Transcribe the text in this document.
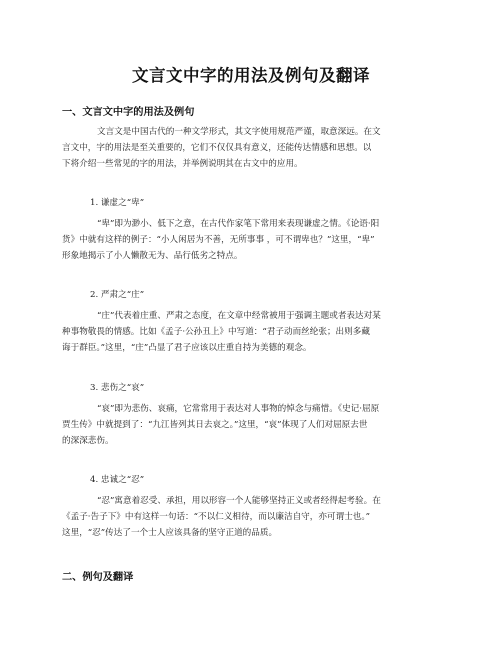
文言文中字的用法及例句及翻译
一、文言文中字的用法及例句
文言文是中国古代的一种文学形式，其文字使用规范严谨，取意深远。在文
言文中，字的用法是至关重要的，它们不仅仅具有意义，还能传达情感和思想。以
下将介绍一些常见的字的用法，并举例说明其在古文中的应用。
1. 谦虚之“卑”
“卑”即为渺小、低下之意，在古代作家笔下常用来表现谦虚之情。《论语·阳
货》中就有这样的例子：“小人闲居为不善，无所事事 ，可不谓卑也？”这里，“卑”
形象地揭示了小人懒散无为、品行低劣之特点。
2. 严肃之“庄”
“庄”代表着庄重、严肃之态度，在文章中经常被用于强调主题或者表达对某
种事物敬畏的情感。比如《孟子·公孙丑上》中写道：“君子动而丝纶张；出则多藏
诲于群臣。”这里，“庄”凸显了君子应该以庄重自持为美德的观念。
3. 悲伤之“哀”
“哀”即为悲伤、哀痛，它常常用于表达对人事物的悼念与痛惜。《史记·屈原
贾生传》中就提到了：“九江皆列其日去哀之。”这里，“哀”体现了人们对屈原去世
的深深悲伤。
4. 忠诚之“忍”
“忍”寓意着忍受、承担，用以形容一个人能够坚持正义或者经得起考验。在
《孟子·告子下》中有这样一句话：“不以仁义相待，而以廉洁自守，亦可谓士也。”
这里，“忍”传达了一个士人应该具备的坚守正道的品质。
二、例句及翻译
